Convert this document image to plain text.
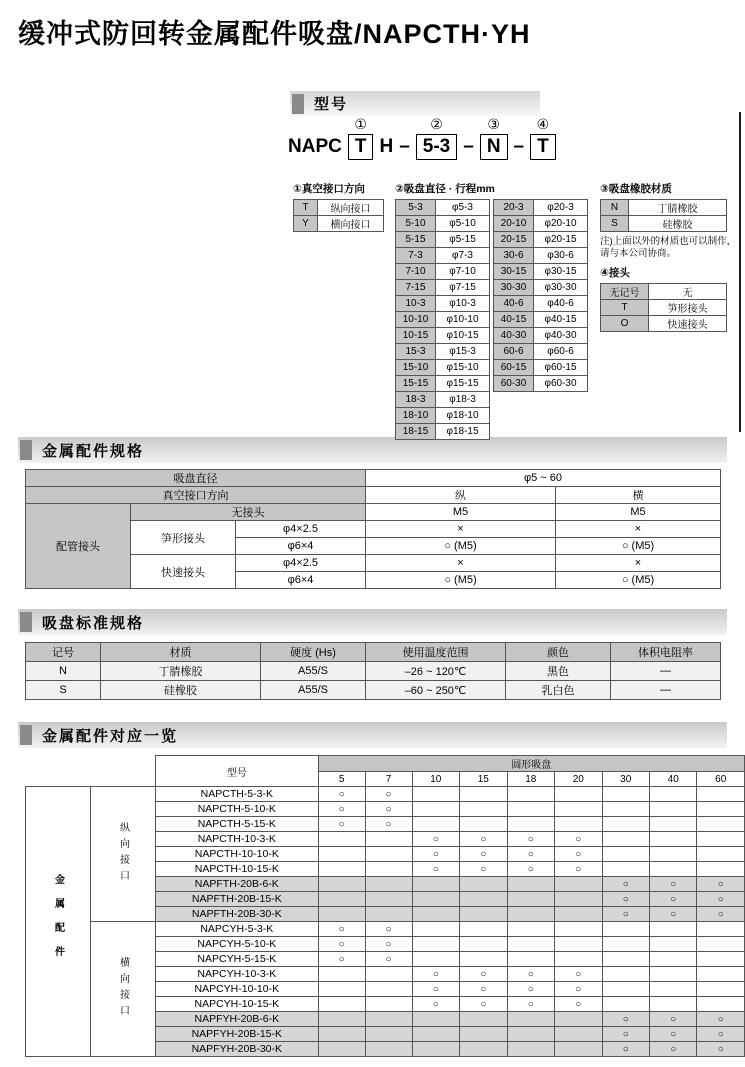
缓冲式防回转金属配件吸盘/NAPCTH·YH
型号
NAPC
①
T H –
②
5-3 –
③
N –
④
T
①真空接口方向
T	纵向接口
Y	横向接口
②吸盘直径 · 行程mm
5-3	φ5-3
5-10	φ5-10
5-15	φ5-15
7-3	φ7-3
7-10	φ7-10
7-15	φ7-15
10-3	φ10-3
10-10	φ10-10
10-15	φ10-15
15-3	φ15-3
15-10	φ15-10
15-15	φ15-15
18-3	φ18-3
18-10	φ18-10
18-15	φ18-15
20-3	φ20-3
20-10	φ20-10
20-15	φ20-15
30-6	φ30-6
30-15	φ30-15
30-30	φ30-30
40-6	φ40-6
40-15	φ40-15
40-30	φ40-30
60-6	φ60-6
60-15	φ60-15
60-30	φ60-30
③吸盘橡胶材质
N	丁腈橡胶
S	硅橡胶
注)上面以外的材质也可以制作，请与本公司协商。
④接头
无记号	无
T	笋形接头
O	快速接头
金属配件规格
吸盘直径			φ5 ~ 60	
真空接口方向			纵	横
配管接头	无接头		M5	M5
	笋形接头	φ4×2.5	×	×
		φ6×4	○ (M5)	○ (M5)
	快速接头	φ4×2.5	×	×
		φ6×4	○ (M5)	○ (M5)
吸盘标准规格
记号	材质	硬度 (Hs)	使用温度范围	颜色	体积电阻率
N	丁腈橡胶	A55/S	–26 ~ 120℃	黑色	—
S	硅橡胶	A55/S	–60 ~ 250℃	乳白色	—
金属配件对应一览
		型号	圆形吸盘								
			5	7	10	15	18	20	30	40	60
金属配件	纵向接口	NAPCTH-5-3-K	○	○							
		NAPCTH-5-10-K	○	○							
		NAPCTH-5-15-K	○	○							
		NAPCTH-10-3-K			○	○	○	○			
		NAPCTH-10-10-K			○	○	○	○			
		NAPCTH-10-15-K			○	○	○	○			
		NAPFTH-20B-6-K							○	○	○
		NAPFTH-20B-15-K							○	○	○
		NAPFTH-20B-30-K							○	○	○
	横向接口	NAPCYH-5-3-K	○	○							
		NAPCYH-5-10-K	○	○							
		NAPCYH-5-15-K	○	○							
		NAPCYH-10-3-K			○	○	○	○			
		NAPCYH-10-10-K			○	○	○	○			
		NAPCYH-10-15-K			○	○	○	○			
		NAPFYH-20B-6-K							○	○	○
		NAPFYH-20B-15-K							○	○	○
		NAPFYH-20B-30-K							○	○	○
